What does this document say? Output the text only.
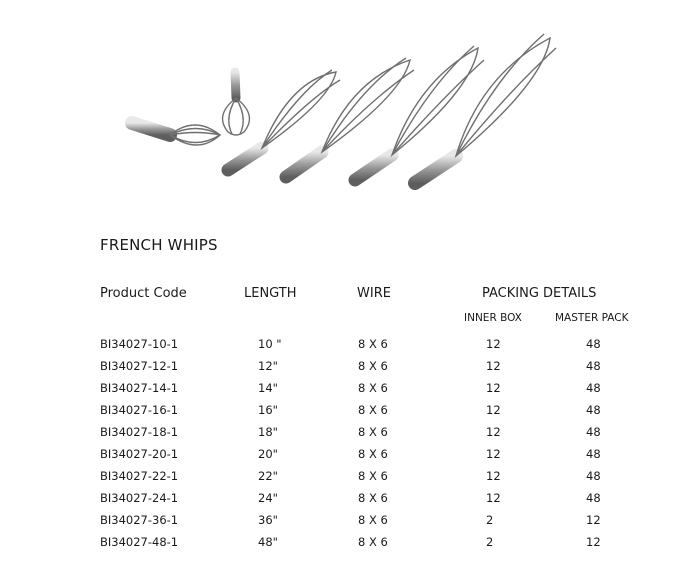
FRENCH WHIPS
Product Code	LENGTH	WIRE	PACKING DETAILS
INNER BOX	MASTER PACK
BI34027-10-1	10 "	8 X 6	12	48
BI34027-12-1	12"	8 X 6	12	48
BI34027-14-1	14"	8 X 6	12	48
BI34027-16-1	16"	8 X 6	12	48
BI34027-18-1	18"	8 X 6	12	48
BI34027-20-1	20"	8 X 6	12	48
BI34027-22-1	22"	8 X 6	12	48
BI34027-24-1	24"	8 X 6	12	48
BI34027-36-1	36"	8 X 6	2	12
BI34027-48-1	48"	8 X 6	2	12
